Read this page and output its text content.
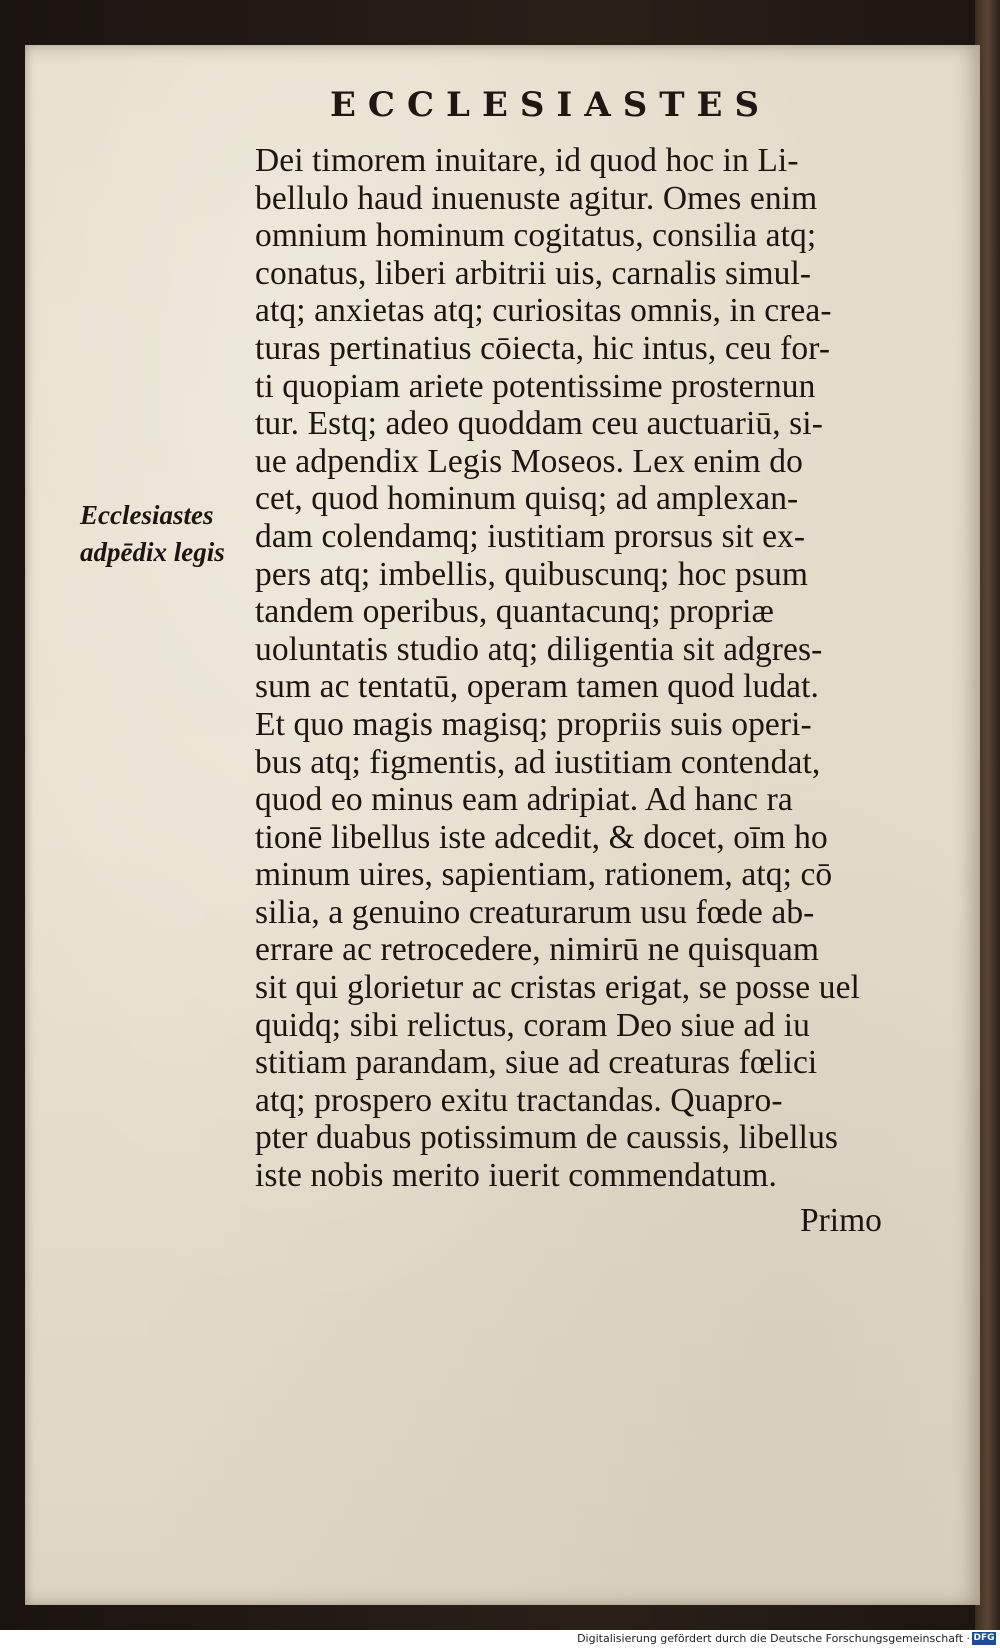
ECCLESIASTES
Ecclesiastes
adpēdix legis
Dei timorem inuitare, id quod hoc in Li-
bellulo haud inuenuste agitur. Omes enim
omnium hominum cogitatus, consilia atq;
conatus, liberi arbitrii uis, carnalis simul-
atq; anxietas atq; curiositas omnis, in crea-
turas pertinatius cōiecta, hic intus, ceu for-
ti quopiam ariete potentissime prosternun
tur. Estq; adeo quoddam ceu auctuariū, si-
ue adpendix Legis Moseos. Lex enim do
cet, quod hominum quisq; ad amplexan-
dam colendamq; iustitiam prorsus sit ex-
pers atq; imbellis, quibuscunq; hoc psum
tandem operibus, quantacunq; propriæ
uoluntatis studio atq; diligentia sit adgres-
sum ac tentatū, operam tamen quod ludat.
Et quo magis magisq; propriis suis operi-
bus atq; figmentis, ad iustitiam contendat,
quod eo minus eam adripiat. Ad hanc ra
tionē libellus iste adcedit, & docet, oīm ho
minum uires, sapientiam, rationem, atq; cō
silia, a genuino creaturarum usu fœde ab-
errare ac retrocedere, nimirū ne quisquam
sit qui glorietur ac cristas erigat, se posse uel
quidq; sibi relictus, coram Deo siue ad iu
stitiam parandam, siue ad creaturas fœlici
atq; prospero exitu tractandas. Quapro-
pter duabus potissimum de caussis, libellus
iste nobis merito iuerit commendatum.
Primo
Digitalisierung gefördert durch die Deutsche Forschungsgemeinschaft · DFG
